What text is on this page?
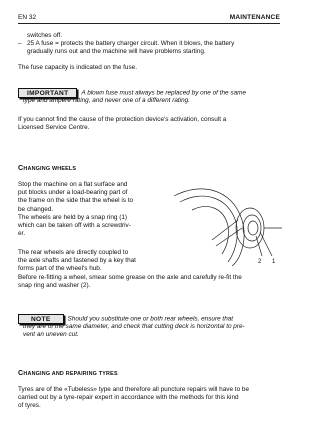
EN 32	MAINTENANCE
switches off.
– 25 A fuse = protects the battery charger circuit. When it blows, the battery
gradually runs out and the machine will have problems starting.
The fuse capacity is indicated on the fuse.
IMPORTANT A blown fuse must always be replaced by one of the same
type and ampere rating, and never one of a different rating.
If you cannot find the cause of the protection device's activation, consult a
Licensed Service Centre.
CHANGING WHEELS
Stop the machine on a flat surface and
put blocks under a load-bearing part of
the frame on the side that the wheel is to
be changed.
The wheels are held by a snap ring (1)
which can be taken off with a screwdriv-
er.
The rear wheels are directly coupled to
the axle shafts and fastened by a key that
forms part of the wheel's hub.
Before re-fitting a wheel, smear some grease on the axle and carefully re-fit the
snap ring and washer (2).
2 1
NOTE	Should you substitute one or both rear wheels, ensure that
they are of the same diameter, and check that cutting deck is horizontal to pre-
vent an uneven cut.
CHANGING AND REPAIRING TYRES
Tyres are of the «Tubeless» type and therefore all puncture repairs will have to be
carried out by a tyre-repair expert in accordance with the methods for this kind
of tyres.
